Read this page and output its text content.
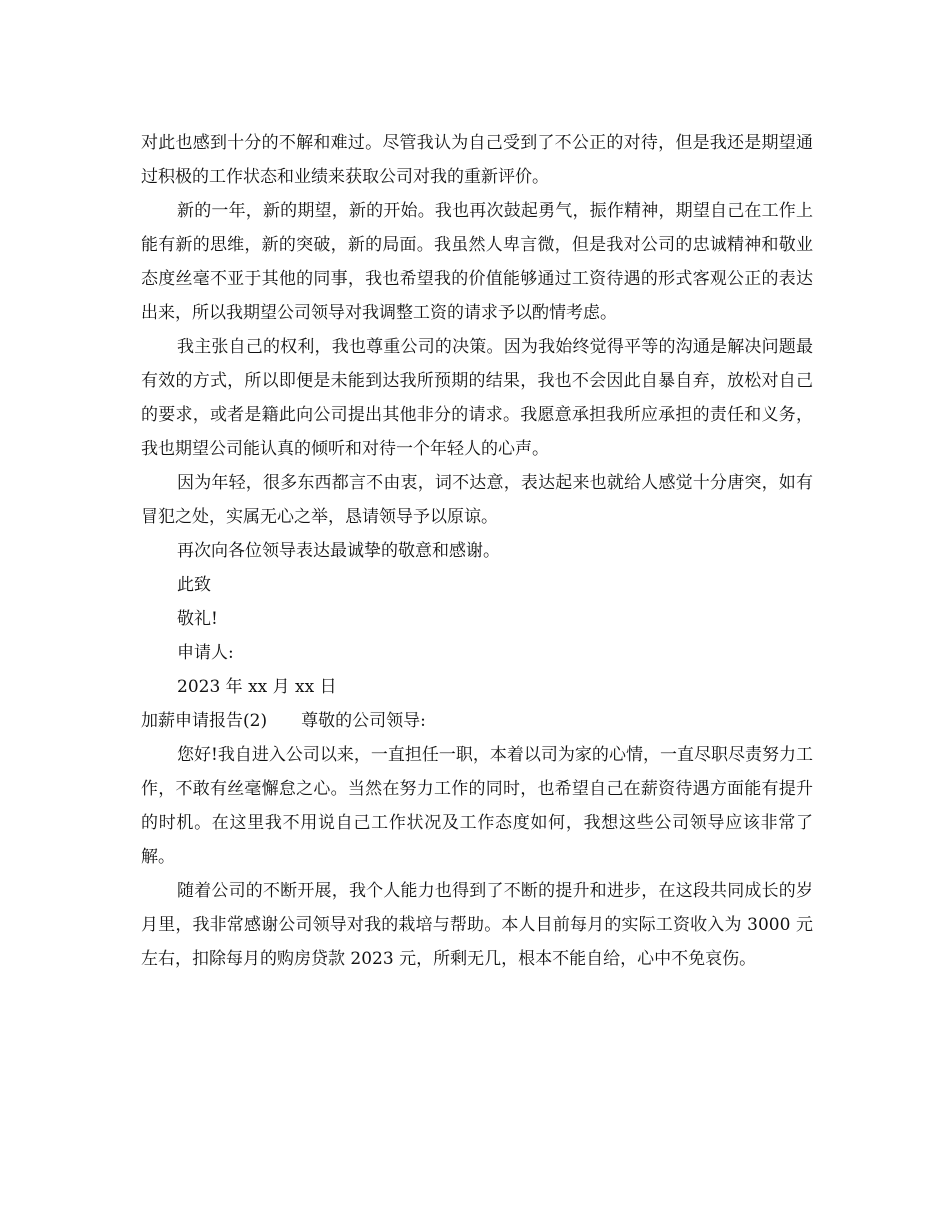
对此也感到十分的不解和难过。尽管我认为自己受到了不公正的对待，但是我还是期望通过积极的工作状态和业绩来获取公司对我的重新评价。

新的一年，新的期望，新的开始。我也再次鼓起勇气，振作精神，期望自己在工作上能有新的思维，新的突破，新的局面。我虽然人卑言微，但是我对公司的忠诚精神和敬业态度丝毫不亚于其他的同事，我也希望我的价值能够通过工资待遇的形式客观公正的表达出来，所以我期望公司领导对我调整工资的请求予以酌情考虑。

我主张自己的权利，我也尊重公司的决策。因为我始终觉得平等的沟通是解决问题最有效的方式，所以即便是未能到达我所预期的结果，我也不会因此自暴自弃，放松对自己的要求，或者是籍此向公司提出其他非分的请求。我愿意承担我所应承担的责任和义务，我也期望公司能认真的倾听和对待一个年轻人的心声。

因为年轻，很多东西都言不由衷，词不达意，表达起来也就给人感觉十分唐突，如有冒犯之处，实属无心之举，恳请领导予以原谅。

再次向各位领导表达最诚挚的敬意和感谢。

此致

敬礼!

申请人:

2023 年 xx 月 xx 日

加薪申请报告(2)　　尊敬的公司领导:

您好!我自进入公司以来，一直担任一职，本着以司为家的心情，一直尽职尽责努力工作，不敢有丝毫懈怠之心。当然在努力工作的同时，也希望自己在薪资待遇方面能有提升的时机。在这里我不用说自己工作状况及工作态度如何，我想这些公司领导应该非常了解。

随着公司的不断开展，我个人能力也得到了不断的提升和进步，在这段共同成长的岁月里，我非常感谢公司领导对我的栽培与帮助。本人目前每月的实际工资收入为 3000 元左右，扣除每月的购房贷款 2023 元，所剩无几，根本不能自给，心中不免哀伤。
